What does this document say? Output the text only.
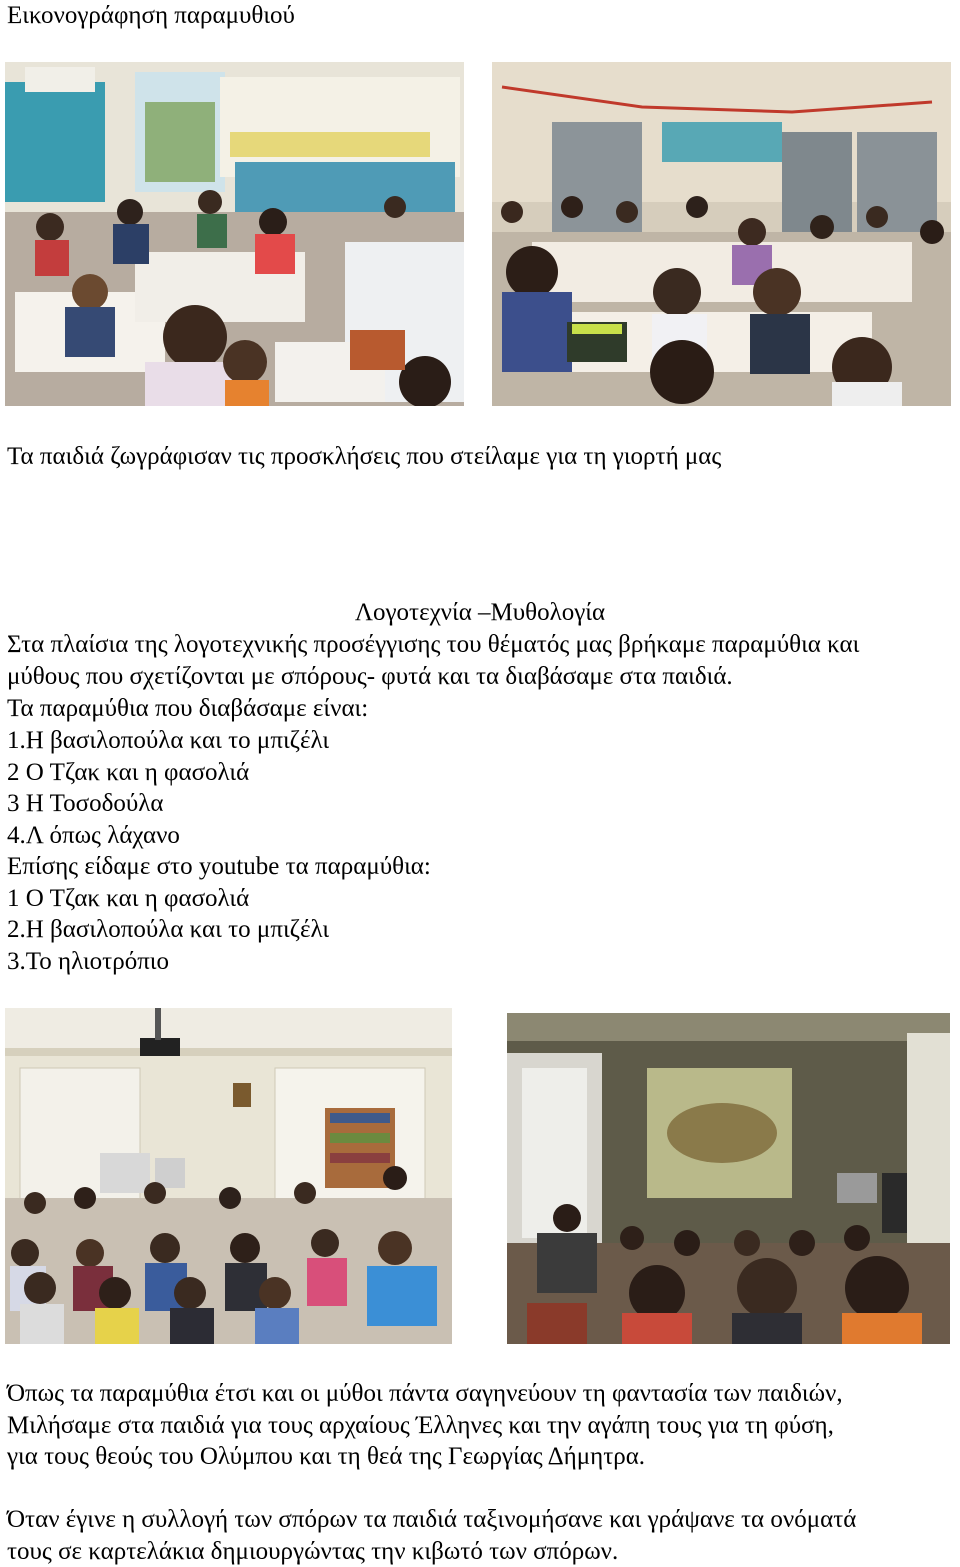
Εικονογράφηση παραμυθιού
Τα παιδιά ζωγράφισαν τις προσκλήσεις που στείλαμε για τη γιορτή μας
Λογοτεχνία –Μυθολογία
Στα πλαίσια της λογοτεχνικής προσέγγισης του θέματός μας βρήκαμε παραμύθια και
μύθους που σχετίζονται με σπόρους- φυτά και τα διαβάσαμε στα παιδιά.
Τα παραμύθια που διαβάσαμε είναι:
1.Η βασιλοπούλα και το μπιζέλι
2 Ο Τζακ και η φασολιά
3 Η Τοσοδούλα
4.Λ όπως λάχανο
Επίσης είδαμε στο youtube τα παραμύθια:
1 Ο Τζακ και η φασολιά
2.Η βασιλοπούλα και το μπιζέλι
3.Το ηλιοτρόπιο
Όπως τα παραμύθια έτσι και οι μύθοι πάντα σαγηνεύουν τη φαντασία των παιδιών,
Μιλήσαμε στα παιδιά για τους αρχαίους Έλληνες και την αγάπη τους για τη φύση,
για τους θεούς του Ολύμπου και τη θεά της Γεωργίας Δήμητρα.
Όταν έγινε η συλλογή των σπόρων τα παιδιά ταξινομήσανε και γράψανε τα ονόματά
τους σε καρτελάκια δημιουργώντας την κιβωτό των σπόρων.
